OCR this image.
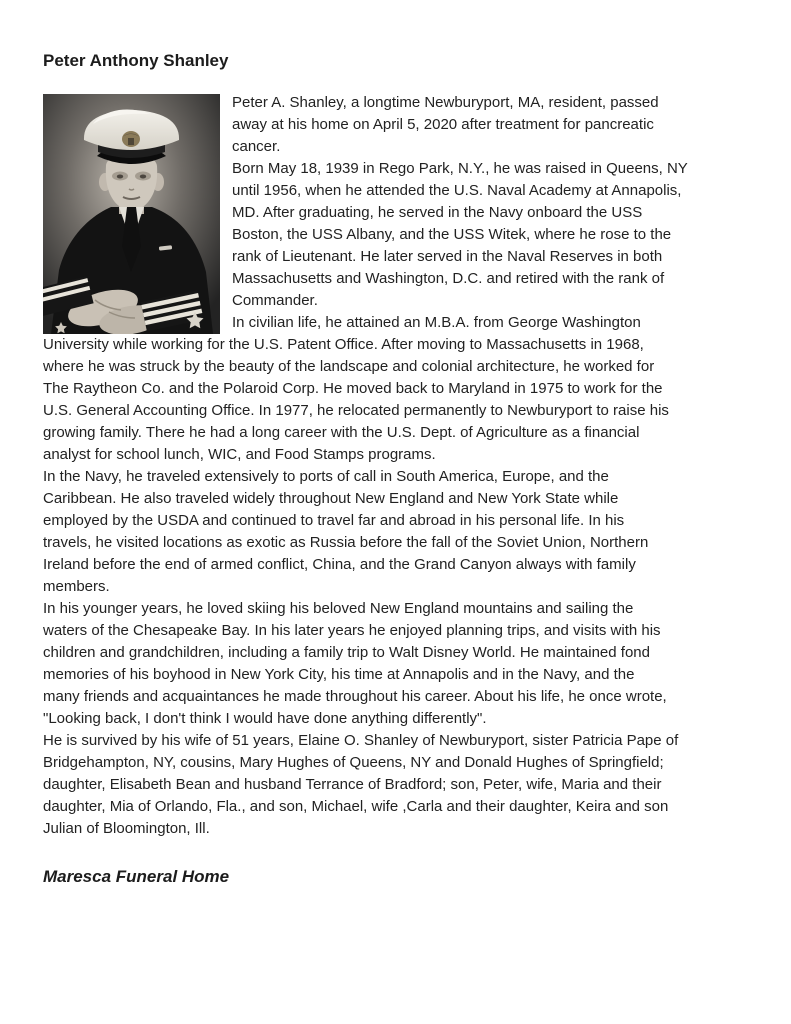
Peter Anthony Shanley
Peter A. Shanley, a longtime Newburyport, MA, resident, passed
away at his home on April 5, 2020 after treatment for pancreatic
cancer.
Born May 18, 1939 in Rego Park, N.Y., he was raised in Queens, NY
until 1956, when he attended the U.S. Naval Academy at Annapolis,
MD. After graduating, he served in the Navy onboard the USS
Boston, the USS Albany, and the USS Witek, where he rose to the
rank of Lieutenant. He later served in the Naval Reserves in both
Massachusetts and Washington, D.C. and retired with the rank of
Commander.
In civilian life, he attained an M.B.A. from George Washington
University while working for the U.S. Patent Office. After moving to Massachusetts in 1968,
where he was struck by the beauty of the landscape and colonial architecture, he worked for
The Raytheon Co. and the Polaroid Corp. He moved back to Maryland in 1975 to work for the
U.S. General Accounting Office. In 1977, he relocated permanently to Newburyport to raise his
growing family. There he had a long career with the U.S. Dept. of Agriculture as a financial
analyst for school lunch, WIC, and Food Stamps programs.
In the Navy, he traveled extensively to ports of call in South America, Europe, and the
Caribbean. He also traveled widely throughout New England and New York State while
employed by the USDA and continued to travel far and abroad in his personal life. In his
travels, he visited locations as exotic as Russia before the fall of the Soviet Union, Northern
Ireland before the end of armed conflict, China, and the Grand Canyon always with family
members.
In his younger years, he loved skiing his beloved New England mountains and sailing the
waters of the Chesapeake Bay. In his later years he enjoyed planning trips, and visits with his
children and grandchildren, including a family trip to Walt Disney World. He maintained fond
memories of his boyhood in New York City, his time at Annapolis and in the Navy, and the
many friends and acquaintances he made throughout his career. About his life, he once wrote,
"Looking back, I don't think I would have done anything differently".
He is survived by his wife of 51 years, Elaine O. Shanley of Newburyport, sister Patricia Pape of
Bridgehampton, NY, cousins, Mary Hughes of Queens, NY and Donald Hughes of Springfield;
daughter, Elisabeth Bean and husband Terrance of Bradford; son, Peter, wife, Maria and their
daughter, Mia of Orlando, Fla., and son, Michael, wife ,Carla and their daughter, Keira and son
Julian of Bloomington, Ill.
Maresca Funeral Home
